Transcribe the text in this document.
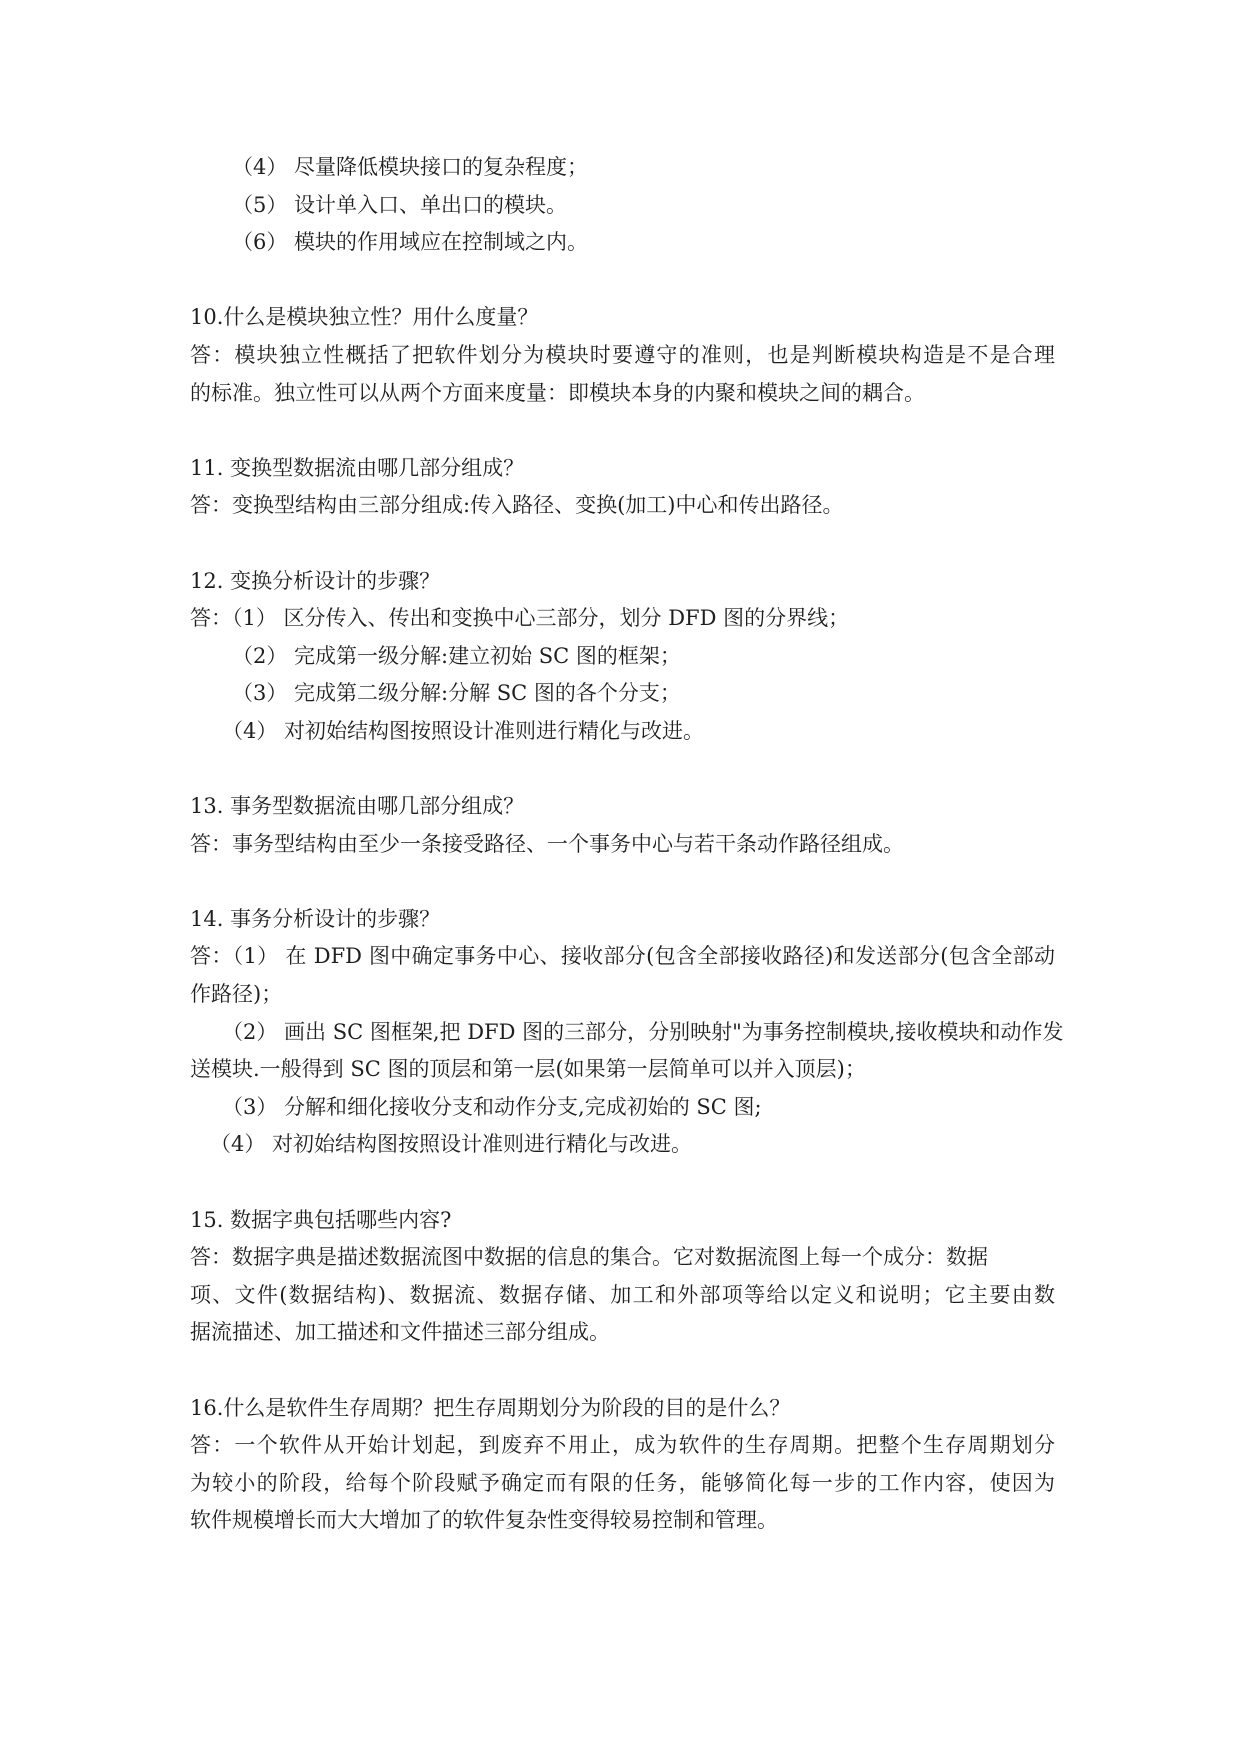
（4） 尽量降低模块接口的复杂程度；
（5） 设计单入口、单出口的模块。
（6） 模块的作用域应在控制域之内。
10.什么是模块独立性？用什么度量？
答：模块独立性概括了把软件划分为模块时要遵守的准则，也是判断模块构造是不是合理
的标准。独立性可以从两个方面来度量：即模块本身的内聚和模块之间的耦合。
11. 变换型数据流由哪几部分组成？
答：变换型结构由三部分组成:传入路径、变换(加工)中心和传出路径。
12. 变换分析设计的步骤？
答：（1） 区分传入、传出和变换中心三部分，划分 DFD 图的分界线；
（2） 完成第一级分解:建立初始 SC 图的框架；
（3） 完成第二级分解:分解 SC 图的各个分支；
（4） 对初始结构图按照设计准则进行精化与改进。
13. 事务型数据流由哪几部分组成？
答：事务型结构由至少一条接受路径、一个事务中心与若干条动作路径组成。
14. 事务分析设计的步骤？
答：（1） 在 DFD 图中确定事务中心、接收部分(包含全部接收路径)和发送部分(包含全部动
作路径)；
（2） 画出 SC 图框架,把 DFD 图的三部分，分别映射"为事务控制模块,接收模块和动作发
送模块.一般得到 SC 图的顶层和第一层(如果第一层简单可以并入顶层)；
（3） 分解和细化接收分支和动作分支,完成初始的 SC 图;
（4） 对初始结构图按照设计准则进行精化与改进。
15. 数据字典包括哪些内容?
答：数据字典是描述数据流图中数据的信息的集合。它对数据流图上每一个成分：数据
项、文件(数据结构)、数据流、数据存储、加工和外部项等给以定义和说明；它主要由数
据流描述、加工描述和文件描述三部分组成。
16.什么是软件生存周期？把生存周期划分为阶段的目的是什么？
答：一个软件从开始计划起，到废弃不用止，成为软件的生存周期。把整个生存周期划分
为较小的阶段，给每个阶段赋予确定而有限的任务，能够简化每一步的工作内容，使因为
软件规模增长而大大增加了的软件复杂性变得较易控制和管理。
